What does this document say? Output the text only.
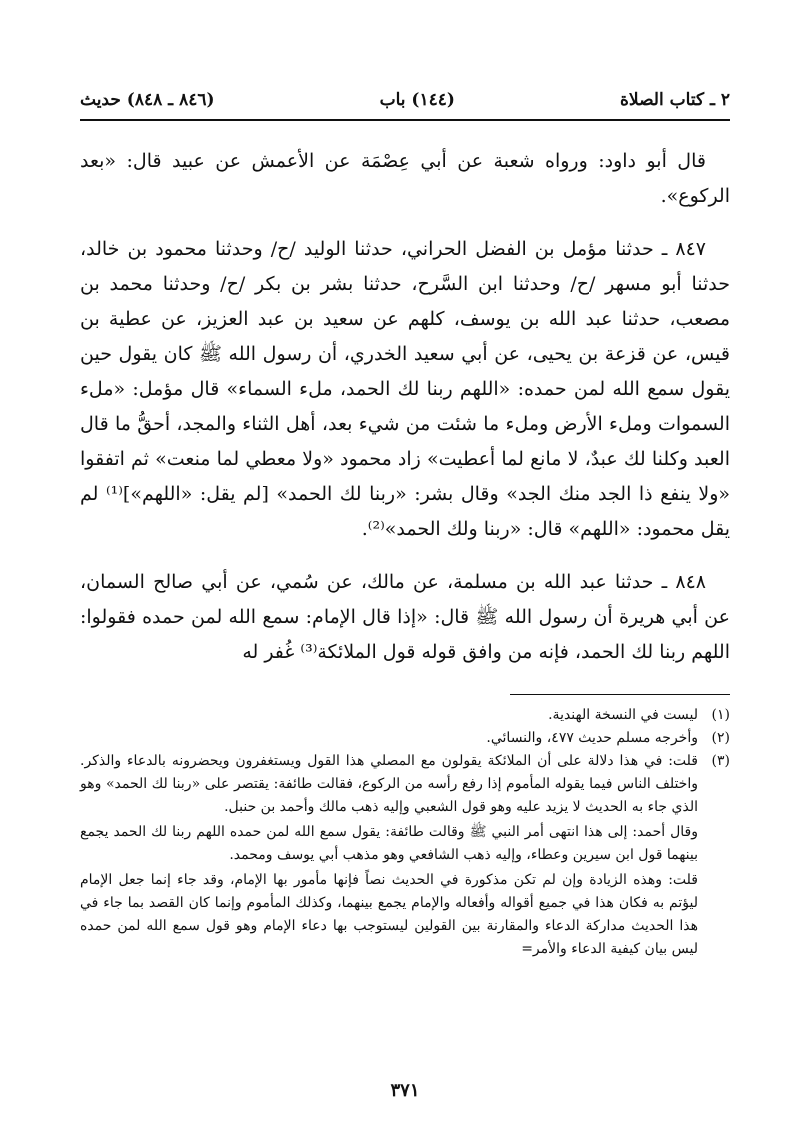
٢ ـ كتاب الصلاة
(١٤٤) باب
(٨٤٦ ـ ٨٤٨) حديث

قال أبو داود: ورواه شعبة عن أبي عِصْمَة عن الأعمش عن عبيد قال: «بعد الركوع».

٨٤٧ ـ حدثنا مؤمل بن الفضل الحراني، حدثنا الوليد /ح/ وحدثنا محمود بن خالد، حدثنا أبو مسهر /ح/ وحدثنا ابن السَّرح، حدثنا بشر بن بكر /ح/ وحدثنا محمد بن مصعب، حدثنا عبد الله بن يوسف، كلهم عن سعيد بن عبد العزيز، عن عطية بن قيس، عن قزعة بن يحيى، عن أبي سعيد الخدري، أن رسول الله ﷺ كان يقول حين يقول سمع الله لمن حمده: «اللهم ربنا لك الحمد، ملء السماء» قال مؤمل: «ملء السموات وملء الأرض وملء ما شئت من شيء بعد، أهل الثناء والمجد، أحقُّ ما قال العبد وكلنا لك عبدٌ، لا مانع لما أعطيت» زاد محمود «ولا معطي لما منعت» ثم اتفقوا «ولا ينفع ذا الجد منك الجد» وقال بشر: «ربنا لك الحمد» [لم يقل: «اللهم»]⁽¹⁾ لم يقل محمود: «اللهم» قال: «ربنا ولك الحمد»⁽²⁾.

٨٤٨ ـ حدثنا عبد الله بن مسلمة، عن مالك، عن سُمي، عن أبي صالح السمان، عن أبي هريرة أن رسول الله ﷺ قال: «إذا قال الإمام: سمع الله لمن حمده فقولوا: اللهم ربنا لك الحمد، فإنه من وافق قوله قول الملائكة⁽³⁾ غُفر له

(١)

ليست في النسخة الهندية.

(٢)

وأخرجه مسلم حديث ٤٧٧، والنسائي.

(٣)

قلت: في هذا دلالة على أن الملائكة يقولون مع المصلي هذا القول ويستغفرون ويحضرونه بالدعاء والذكر. واختلف الناس فيما يقوله المأموم إذا رفع رأسه من الركوع، فقالت طائفة: يقتصر على «ربنا لك الحمد» وهو الذي جاء به الحديث لا يزيد عليه وهو قول الشعبي وإليه ذهب مالك وأحمد بن حنبل.

وقال أحمد: إلى هذا انتهى أمر النبي ﷺ وقالت طائفة: يقول سمع الله لمن حمده اللهم ربنا لك الحمد يجمع بينهما قول ابن سيرين وعطاء، وإليه ذهب الشافعي وهو مذهب أبي يوسف ومحمد.

قلت: وهذه الزيادة وإن لم تكن مذكورة في الحديث نصاً فإنها مأمور بها الإمام، وقد جاء إنما جعل الإمام ليؤتم به فكان هذا في جميع أقواله وأفعاله والإمام يجمع بينهما، وكذلك المأموم وإنما كان القصد بما جاء في هذا الحديث مداركة الدعاء والمقارنة بين القولين ليستوجب بها دعاء الإمام وهو قول سمع الله لمن حمده ليس بيان كيفية الدعاء والأمر=

٣٧١
